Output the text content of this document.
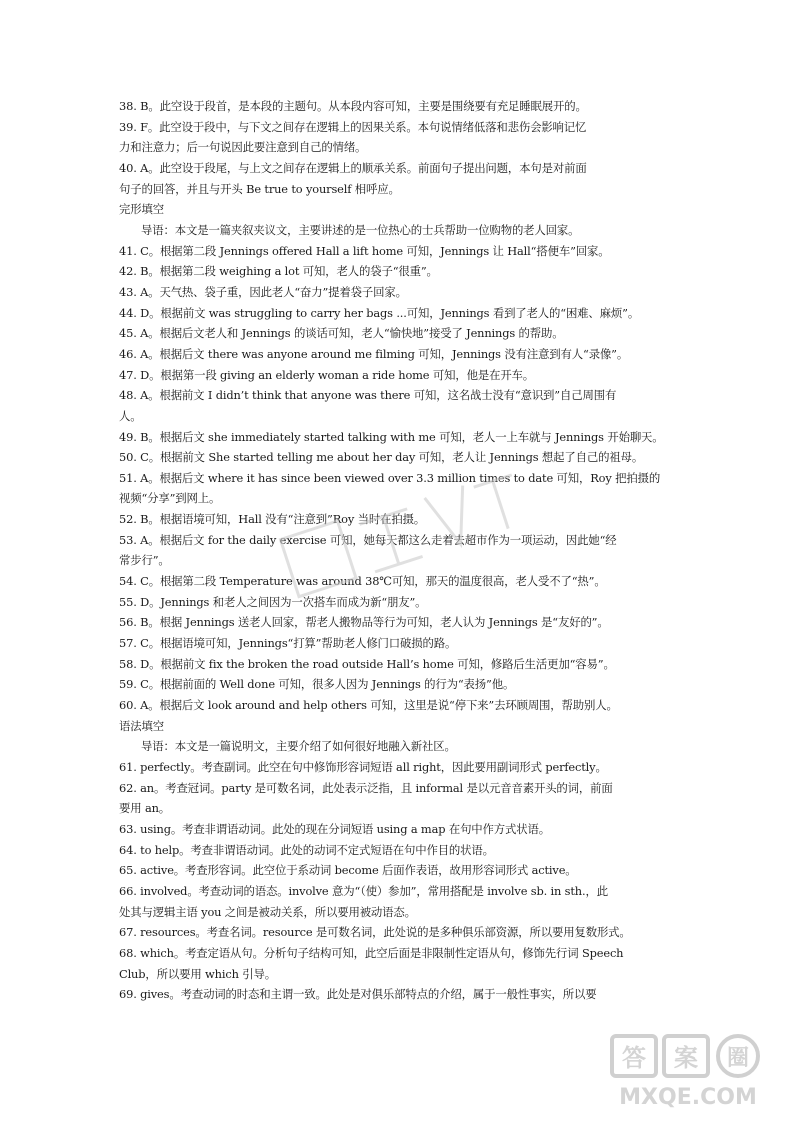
38. B。此空设于段首，是本段的主题句。从本段内容可知，主要是围绕要有充足睡眠展开的。
39. F。此空设于段中，与下文之间存在逻辑上的因果关系。本句说情绪低落和悲伤会影响记忆
力和注意力；后一句说因此要注意到自己的情绪。
40. A。此空设于段尾，与上文之间存在逻辑上的顺承关系。前面句子提出问题，本句是对前面
句子的回答，并且与开头 Be true to yourself 相呼应。
完形填空
导语：本文是一篇夹叙夹议文，主要讲述的是一位热心的士兵帮助一位购物的老人回家。
41. C。根据第二段 Jennings offered Hall a lift home 可知，Jennings 让 Hall“搭便车”回家。
42. B。根据第二段 weighing a lot 可知，老人的袋子“很重”。
43. A。天气热、袋子重，因此老人“奋力”提着袋子回家。
44. D。根据前文 was struggling to carry her bags ...可知，Jennings 看到了老人的“困难、麻烦”。
45. A。根据后文老人和 Jennings 的谈话可知，老人“愉快地”接受了 Jennings 的帮助。
46. A。根据后文 there was anyone around me filming 可知，Jennings 没有注意到有人“录像”。
47. D。根据第一段 giving an elderly woman a ride home 可知，他是在开车。
48. A。根据前文 I didn’t think that anyone was there 可知，这名战士没有“意识到”自己周围有
人。
49. B。根据后文 she immediately started talking with me 可知，老人一上车就与 Jennings 开始聊天。
50. C。根据前文 She started telling me about her day 可知，老人让 Jennings 想起了自己的祖母。
51. A。根据后文 where it has since been viewed over 3.3 million times to date 可知，Roy 把拍摄的
视频“分享”到网上。
52. B。根据语境可知，Hall 没有“注意到”Roy 当时在拍摄。
53. A。根据后文 for the daily exercise 可知，她每天都这么走着去超市作为一项运动，因此她“经
常步行”。
54. C。根据第二段 Temperature was around 38℃可知，那天的温度很高，老人受不了“热”。
55. D。Jennings 和老人之间因为一次搭车而成为新“朋友”。
56. B。根据 Jennings 送老人回家，帮老人搬物品等行为可知，老人认为 Jennings 是“友好的”。
57. C。根据语境可知，Jennings“打算”帮助老人修门口破损的路。
58. D。根据前文 fix the broken the road outside Hall’s home 可知，修路后生活更加“容易”。
59. C。根据前面的 Well done 可知，很多人因为 Jennings 的行为“表扬”他。
60. A。根据后文 look around and help others 可知，这里是说“停下来”去环顾周围，帮助别人。
语法填空
导语：本文是一篇说明文，主要介绍了如何很好地融入新社区。
61. perfectly。考查副词。此空在句中修饰形容词短语 all right，因此要用副词形式 perfectly。
62. an。考查冠词。party 是可数名词，此处表示泛指，且 informal 是以元音音素开头的词，前面
要用 an。
63. using。考查非谓语动词。此处的现在分词短语 using a map 在句中作方式状语。
64. to help。考查非谓语动词。此处的动词不定式短语在句中作目的状语。
65. active。考查形容词。此空位于系动词 become 后面作表语，故用形容词形式 active。
66. involved。考查动词的语态。involve 意为“（使）参加”，常用搭配是 involve sb. in sth.，此
处其与逻辑主语 you 之间是被动关系，所以要用被动语态。
67. resources。考查名词。resource 是可数名词，此处说的是多种俱乐部资源，所以要用复数形式。
68. which。考查定语从句。分析句子结构可知，此空后面是非限制性定语从句，修饰先行词 Speech
Club，所以要用 which 引导。
69. gives。考查动词的时态和主谓一致。此处是对俱乐部特点的介绍，属于一般性事实，所以要
答 案 圈
MXQE.COM
